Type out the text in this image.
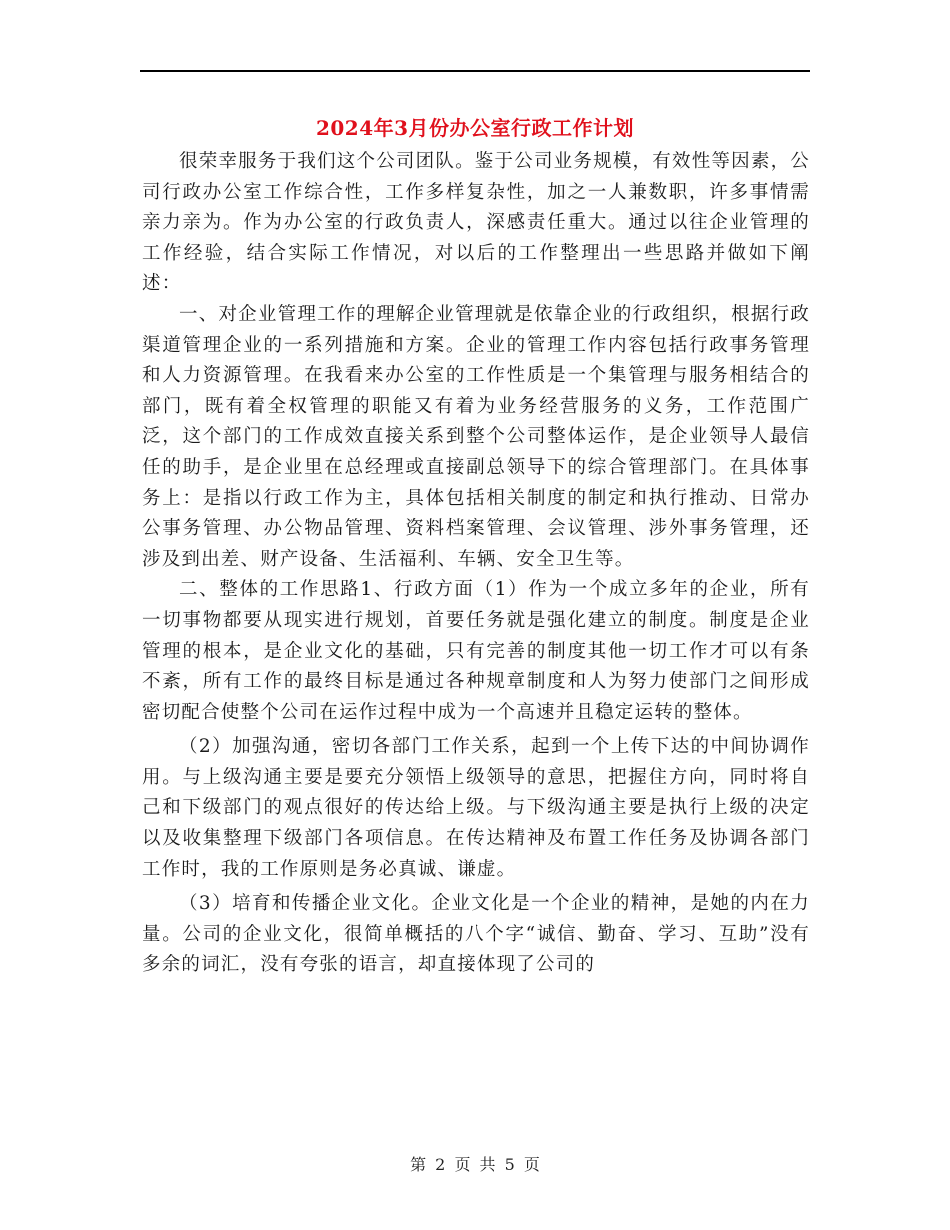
2024年3月份办公室行政工作计划

很荣幸服务于我们这个公司团队。鉴于公司业务规模，有效性等因素，公司行政办公室工作综合性，工作多样复杂性，加之一人兼数职，许多事情需亲力亲为。作为办公室的行政负责人，深感责任重大。通过以往企业管理的工作经验，结合实际工作情况，对以后的工作整理出一些思路并做如下阐述：

一、对企业管理工作的理解企业管理就是依靠企业的行政组织，根据行政渠道管理企业的一系列措施和方案。企业的管理工作内容包括行政事务管理和人力资源管理。在我看来办公室的工作性质是一个集管理与服务相结合的部门，既有着全权管理的职能又有着为业务经营服务的义务，工作范围广泛，这个部门的工作成效直接关系到整个公司整体运作，是企业领导人最信任的助手，是企业里在总经理或直接副总领导下的综合管理部门。在具体事务上：是指以行政工作为主，具体包括相关制度的制定和执行推动、日常办公事务管理、办公物品管理、资料档案管理、会议管理、涉外事务管理，还涉及到出差、财产设备、生活福利、车辆、安全卫生等。

二、整体的工作思路1、行政方面（1）作为一个成立多年的企业，所有一切事物都要从现实进行规划，首要任务就是强化建立的制度。制度是企业管理的根本，是企业文化的基础，只有完善的制度其他一切工作才可以有条不紊，所有工作的最终目标是通过各种规章制度和人为努力使部门之间形成密切配合使整个公司在运作过程中成为一个高速并且稳定运转的整体。

（2）加强沟通，密切各部门工作关系，起到一个上传下达的中间协调作用。与上级沟通主要是要充分领悟上级领导的意思，把握住方向，同时将自己和下级部门的观点很好的传达给上级。与下级沟通主要是执行上级的决定以及收集整理下级部门各项信息。在传达精神及布置工作任务及协调各部门工作时，我的工作原则是务必真诚、谦虚。

（3）培育和传播企业文化。企业文化是一个企业的精神，是她的内在力量。公司的企业文化，很简单概括的八个字“诚信、勤奋、学习、互助”没有多余的词汇，没有夸张的语言，却直接体现了公司的

第 2 页 共 5 页
